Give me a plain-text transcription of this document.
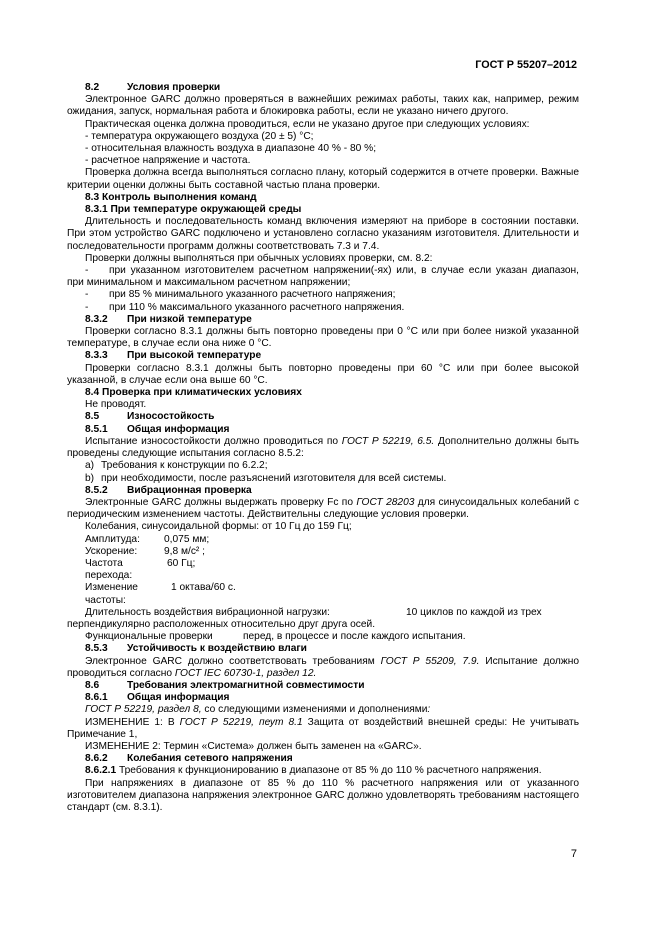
ГОСТ Р 55207–2012

8.2	Условия проверки

Электронное GARC должно проверяться в важнейших режимах работы, таких как, например, режим ожидания, запуск, нормальная работа и блокировка работы, если не указано ничего другого.

Практическая оценка должна проводиться, если не указано другое при следующих условиях:

- температура окружающего воздуха (20 ± 5) °С;

- относительная влажность воздуха в диапазоне 40 % - 80 %;

- расчетное напряжение и частота.

Проверка должна всегда выполняться согласно плану, который содержится в отчете проверки. Важные критерии оценки должны быть составной частью плана проверки.

8.3 Контроль выполнения команд

8.3.1 При температуре окружающей среды

Длительность и последовательность команд включения измеряют на приборе в состоянии поставки. При этом устройство GARC подключено и установлено согласно указаниям изготовителя. Длительности и последовательности программ должны соответствовать 7.3 и 7.4.

Проверки должны выполняться при обычных условиях проверки, см. 8.2:

- при указанном изготовителем расчетном напряжении(-ях) или, в случае если указан диапазон, при минимальном и максимальном расчетном напряжении;

- при 85 % минимального указанного расчетного напряжения;

- при 110 % максимального указанного расчетного напряжения.

8.3.2 При низкой температуре

Проверки согласно 8.3.1 должны быть повторно проведены при 0 °С или при более низкой указанной температуре, в случае если она ниже 0 °С.

8.3.3 При высокой температуре

Проверки согласно 8.3.1 должны быть повторно проведены при 60 °С или при более высокой указанной, в случае если она выше 60 °С.

8.4 Проверка при климатических условиях

Не проводят.

8.5	Износостойкость

8.5.1 Общая информация

Испытание износостойкости должно проводиться по ГОСТ Р 52219, 6.5. Дополнительно должны быть проведены следующие испытания согласно 8.5.2:

a) Требования к конструкции по 6.2.2;

b) при необходимости, после разъяснений изготовителя для всей системы.

8.5.2 Вибрационная проверка

Электронные GARC должны выдержать проверку Fc по ГОСТ 28203 для синусоидальных колебаний с периодическим изменением частоты. Действительны следующие условия проверки.

Колебания, синусоидальной формы: от 10 Гц до 159 Гц;

Амплитуда:	0,075 мм;
Ускорение:	9,8 м/с² ;
Частота перехода:
60 Гц;
Изменение частоты:
1 октава/60 с.
Длительность воздействия вибрационной нагрузки:	10 циклов по каждой из трех

перпендикулярно расположенных относительно друг друга осей.

Функциональные проверки	перед, в процессе и после каждого испытания.

8.5.3 Устойчивость к воздействию влаги

Электронное GARC должно соответствовать требованиям ГОСТ Р 55209, 7.9. Испытание должно проводиться согласно ГОСТ IEC 60730-1, раздел 12.

8.6	Требования электромагнитной совместимости

8.6.1 Общая информация

ГОСТ Р 52219, раздел 8, со следующими изменениями и дополнениями:

ИЗМЕНЕНИЕ 1: В ГОСТ Р 52219, пеут 8.1 Защита от воздействий внешней среды: Не учитывать Примечание 1,

ИЗМЕНЕНИЕ 2: Термин «Система» должен быть заменен на «GARC».

8.6.2 Колебания сетевого напряжения

8.6.2.1 Требования к функционированию в диапазоне от 85 % до 110 % расчетного напряжения.

При напряжениях в диапазоне от 85 % до 110 % расчетного напряжения или от указанного изготовителем диапазона напряжения электронное GARC должно удовлетворять требованиям настоящего стандарт (см. 8.3.1).

7
